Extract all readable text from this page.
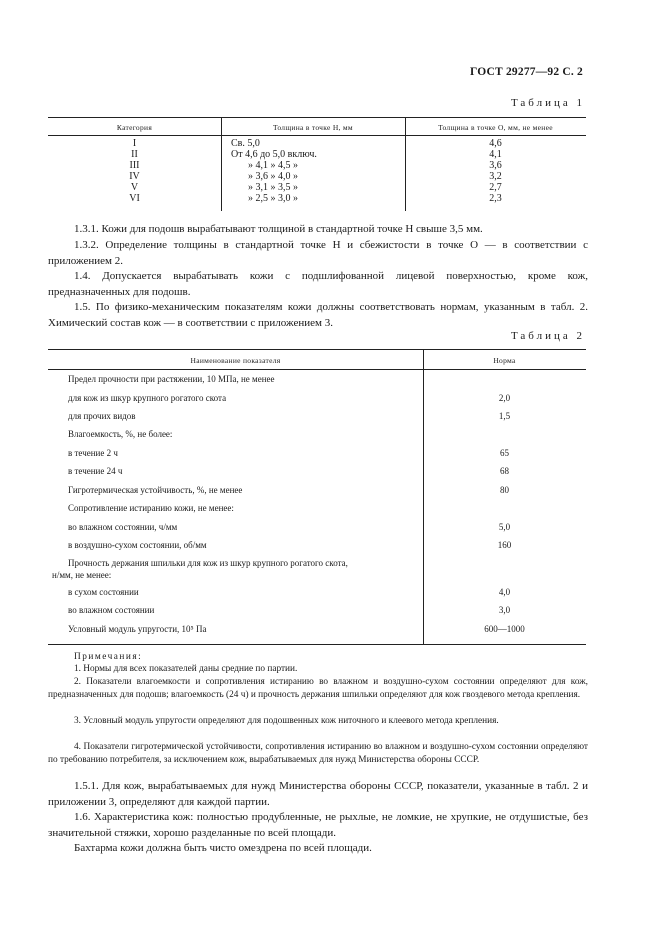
ГОСТ 29277—92 С. 2
Таблица 1
Категория	Толщина в точке H, мм	Толщина в точке O, мм, не менее
I	Св. 5,0	4,6
II	От 4,6 до 5,0 включ.	4,1
III	» 4,1 » 4,5 »	3,6
IV	» 3,6 » 4,0 »	3,2
V	» 3,1 » 3,5 »	2,7
VI	» 2,5 » 3,0 »	2,3
1.3.1. Кожи для подошв вырабатывают толщиной в стандартной точке H свыше 3,5 мм.
1.3.2. Определение толщины в стандартной точке H и сбежистости в точке O — в соответствии с приложением 2.
1.4. Допускается вырабатывать кожи с подшлифованной лицевой поверхностью, кроме кож, предназначенных для подошв.
1.5. По физико-механическим показателям кожи должны соответствовать нормам, указанным в табл. 2. Химический состав кож — в соответствии с приложением 3.
Таблица 2
Наименование показателя	Норма
Предел прочности при растяжении, 10 МПа, не менее
для кож из шкур крупного рогатого скота	2,0
для прочих видов	1,5
Влагоемкость, %, не более:
в течение 2 ч	65
в течение 24 ч	68
Гигротермическая устойчивость, %, не менее	80
Сопротивление истиранию кожи, не менее:
во влажном состоянии, ч/мм	5,0
в воздушно-сухом состоянии, об/мм	160
Прочность держания шпильки для кож из шкур крупного рогатого скота,
н/мм, не менее:
в сухом состоянии	4,0
во влажном состоянии	3,0
Условный модуль упругости, 10⁵ Па	600—1000
Примечания:
1. Нормы для всех показателей даны средние по партии.
2. Показатели влагоемкости и сопротивления истиранию во влажном и воздушно-сухом состоянии определяют для кож, предназначенных для подошв; влагоемкость (24 ч) и прочность держания шпильки определяют для кож гвоздевого метода крепления.
3. Условный модуль упругости определяют для подошвенных кож ниточного и клеевого метода крепления.
4. Показатели гигротермической устойчивости, сопротивления истиранию во влажном и воздушно-сухом состоянии определяют по требованию потребителя, за исключением кож, вырабатываемых для нужд Министерства обороны СССР.
1.5.1. Для кож, вырабатываемых для нужд Министерства обороны СССР, показатели, указанные в табл. 2 и приложении 3, определяют для каждой партии.
1.6. Характеристика кож: полностью продубленные, не рыхлые, не ломкие, не хрупкие, не отдушистые, без значительной стяжки, хорошо разделанные по всей площади.
Бахтарма кожи должна быть чисто омездрена по всей площади.
